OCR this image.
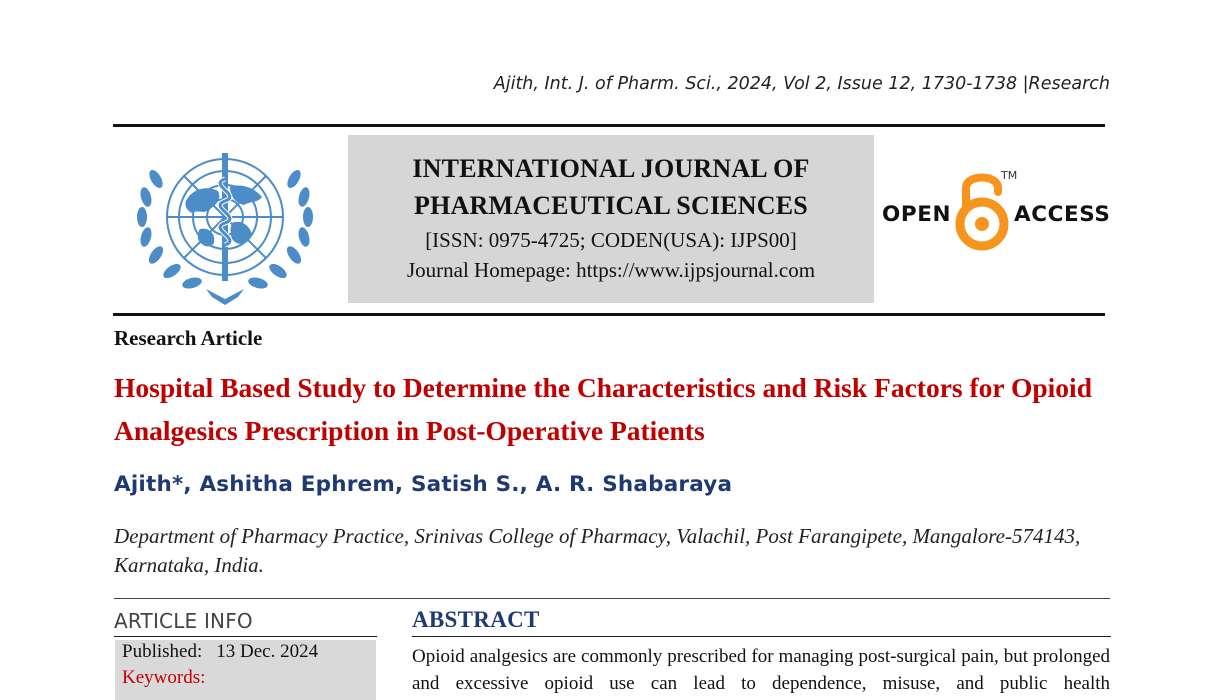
Ajith, Int. J. of Pharm. Sci., 2024, Vol 2, Issue 12, 1730-1738 |Research
INTERNATIONAL JOURNAL OF
PHARMACEUTICAL SCIENCES
[ISSN: 0975-4725; CODEN(USA): IJPS00]
Journal Homepage: https://www.ijpsjournal.com
OPEN
TM
ACCESS
Research Article
Hospital Based Study to Determine the Characteristics and Risk Factors for Opioid Analgesics Prescription in Post-Operative Patients
Ajith*, Ashitha Ephrem, Satish S., A. R. Shabaraya
Department of Pharmacy Practice, Srinivas College of Pharmacy, Valachil, Post Farangipete, Mangalore-574143, Karnataka, India.
ARTICLE INFO
Published: 13 Dec. 2024
Keywords:
ABSTRACT
Opioid analgesics are commonly prescribed for managing post-surgical pain, but prolonged and excessive opioid use can lead to dependence, misuse, and public health
